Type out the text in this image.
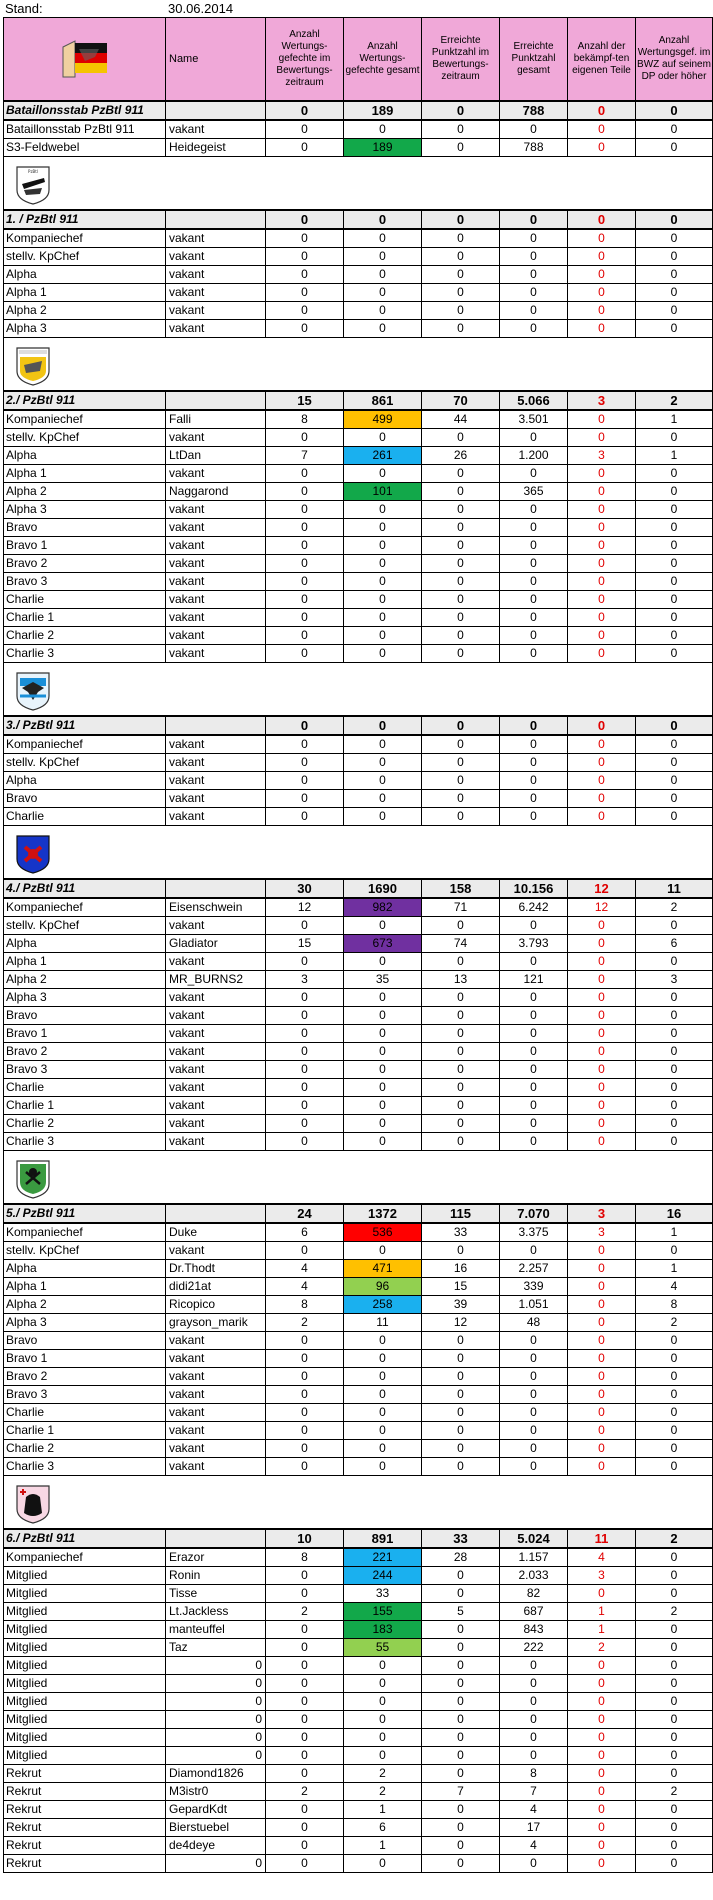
Stand:	30.06.2014
	Name	Anzahl Wertungs-gefechte im Bewertungs-zeitraum	Anzahl Wertungs-gefechte gesamt	Erreichte Punktzahl im Bewertungs-zeitraum	Erreichte Punktzahl gesamt	Anzahl der bekämpf-ten eigenen Teile	Anzahl Wertungsgef. im BWZ auf seinem DP oder höher
Bataillonsstab PzBtl 911		0	189	0	788	0	0
Bataillonsstab PzBtl 911	vakant	0	0	0	0	0	0
S3-Feldwebel	Heidegeist	0	189	0	788	0	0

PzBtl							

1. / PzBtl 911		0	0	0	0	0	0
Kompaniechef	vakant	0	0	0	0	0	0
stellv. KpChef	vakant	0	0	0	0	0	0
Alpha	vakant	0	0	0	0	0	0
Alpha 1	vakant	0	0	0	0	0	0
Alpha 2	vakant	0	0	0	0	0	0
Alpha 3	vakant	0	0	0	0	0	0

2./ PzBtl 911		15	861	70	5.066	3	2
Kompaniechef	Falli	8	499	44	3.501	0	1
stellv. KpChef	vakant	0	0	0	0	0	0
Alpha	LtDan	7	261	26	1.200	3	1
Alpha 1	vakant	0	0	0	0	0	0
Alpha 2	Naggarond	0	101	0	365	0	0
Alpha 3	vakant	0	0	0	0	0	0
Bravo	vakant	0	0	0	0	0	0
Bravo 1	vakant	0	0	0	0	0	0
Bravo 2	vakant	0	0	0	0	0	0
Bravo 3	vakant	0	0	0	0	0	0
Charlie	vakant	0	0	0	0	0	0
Charlie 1	vakant	0	0	0	0	0	0
Charlie 2	vakant	0	0	0	0	0	0
Charlie 3	vakant	0	0	0	0	0	0

3./ PzBtl 911		0	0	0	0	0	0
Kompaniechef	vakant	0	0	0	0	0	0
stellv. KpChef	vakant	0	0	0	0	0	0
Alpha	vakant	0	0	0	0	0	0
Bravo	vakant	0	0	0	0	0	0
Charlie	vakant	0	0	0	0	0	0

4./ PzBtl 911		30	1690	158	10.156	12	11
Kompaniechef	Eisenschwein	12	982	71	6.242	12	2
stellv. KpChef	vakant	0	0	0	0	0	0
Alpha	Gladiator	15	673	74	3.793	0	6
Alpha 1	vakant	0	0	0	0	0	0
Alpha 2	MR_BURNS2	3	35	13	121	0	3
Alpha 3	vakant	0	0	0	0	0	0
Bravo	vakant	0	0	0	0	0	0
Bravo 1	vakant	0	0	0	0	0	0
Bravo 2	vakant	0	0	0	0	0	0
Bravo 3	vakant	0	0	0	0	0	0
Charlie	vakant	0	0	0	0	0	0
Charlie 1	vakant	0	0	0	0	0	0
Charlie 2	vakant	0	0	0	0	0	0
Charlie 3	vakant	0	0	0	0	0	0

5./ PzBtl 911		24	1372	115	7.070	3	16
Kompaniechef	Duke	6	536	33	3.375	3	1
stellv. KpChef	vakant	0	0	0	0	0	0
Alpha	Dr.Thodt	4	471	16	2.257	0	1
Alpha 1	didi21at	4	96	15	339	0	4
Alpha 2	Ricopico	8	258	39	1.051	0	8
Alpha 3	grayson_marik	2	11	12	48	0	2
Bravo	vakant	0	0	0	0	0	0
Bravo 1	vakant	0	0	0	0	0	0
Bravo 2	vakant	0	0	0	0	0	0
Bravo 3	vakant	0	0	0	0	0	0
Charlie	vakant	0	0	0	0	0	0
Charlie 1	vakant	0	0	0	0	0	0
Charlie 2	vakant	0	0	0	0	0	0
Charlie 3	vakant	0	0	0	0	0	0

6./ PzBtl 911		10	891	33	5.024	11	2
Kompaniechef	Erazor	8	221	28	1.157	4	0
Mitglied	Ronin	0	244	0	2.033	3	0
Mitglied	Tisse	0	33	0	82	0	0
Mitglied	Lt.Jackless	2	155	5	687	1	2
Mitglied	manteuffel	0	183	0	843	1	0
Mitglied	Taz	0	55	0	222	2	0
Mitglied	0	0	0	0	0	0	0
Mitglied	0	0	0	0	0	0	0
Mitglied	0	0	0	0	0	0	0
Mitglied	0	0	0	0	0	0	0
Mitglied	0	0	0	0	0	0	0
Mitglied	0	0	0	0	0	0	0
Rekrut	Diamond1826	0	2	0	8	0	0
Rekrut	M3istr0	2	2	7	7	0	2
Rekrut	GepardKdt	0	1	0	4	0	0
Rekrut	Bierstuebel	0	6	0	17	0	0
Rekrut	de4deye	0	1	0	4	0	0
Rekrut	0	0	0	0	0	0	0
